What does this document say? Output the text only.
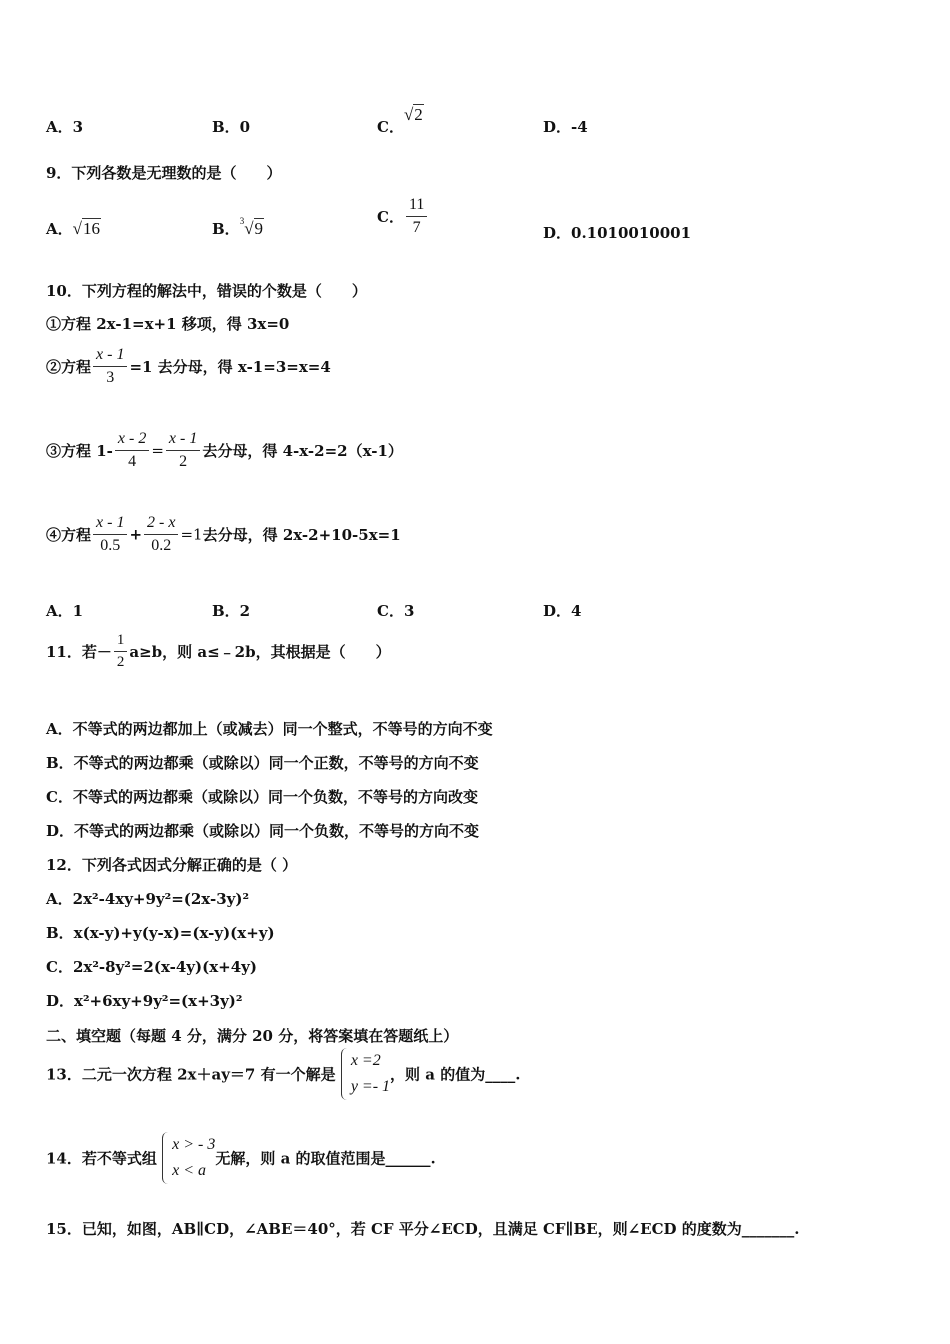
A．3	B．0	C．√2
D．-4
9．下列各数是无理数的是（　　）
A．√16	B．$^3$√9
C． $\frac{11}{7}$	D．0.1010010001
10．下列方程的解法中，错误的个数是（　　）
①方程 2x-1=x+1 移项，得 3x=0
②方程 $\frac{x - 1}{3} =1$ 去分母，得 x-1=3=x=4
③方程 $1- \frac{x - 2}{4} = \frac{x - 1}{2}$ 去分母，得 4-x-2=2（x-1）
④方程 $\frac{x - 1}{0.5} + \frac{2 - x}{0.2} =1$去分母，得 2x-2+10-5x=1
A．1	B．2	C．3	D．4
11．若－ $\frac{1}{2} a\ge b$，则 a≤﹣2b，其根据是（　　）
A．不等式的两边都加上（或减去）同一个整式，不等号的方向不变
B．不等式的两边都乘（或除以）同一个正数，不等号的方向不变
C．不等式的两边都乘（或除以）同一个负数，不等号的方向改变
D．不等式的两边都乘（或除以）同一个负数，不等号的方向不变
12．下列各式因式分解正确的是（ ）
A．2x²-4xy+9y²=(2x-3y)²
B．x(x-y)+y(y-x)=(x-y)(x+y)
C．2x²-8y²=2(x-4y)(x+4y)
D．x²+6xy+9y²=(x+3y)²
二、填空题（每题 4 分，满分 20 分，将答案填在答题纸上）
13．二元一次方程 2x＋ay＝7 有一个解是
x =2
y =- 1
，则 a 的值为____.
14．若不等式组
x > - 3
x < a
无解，则 a 的取值范围是______.
15．已知，如图，AB∥CD，∠ABE＝40°，若 CF 平分∠ECD，且满足 CF∥BE，则∠ECD 的度数为_______.
